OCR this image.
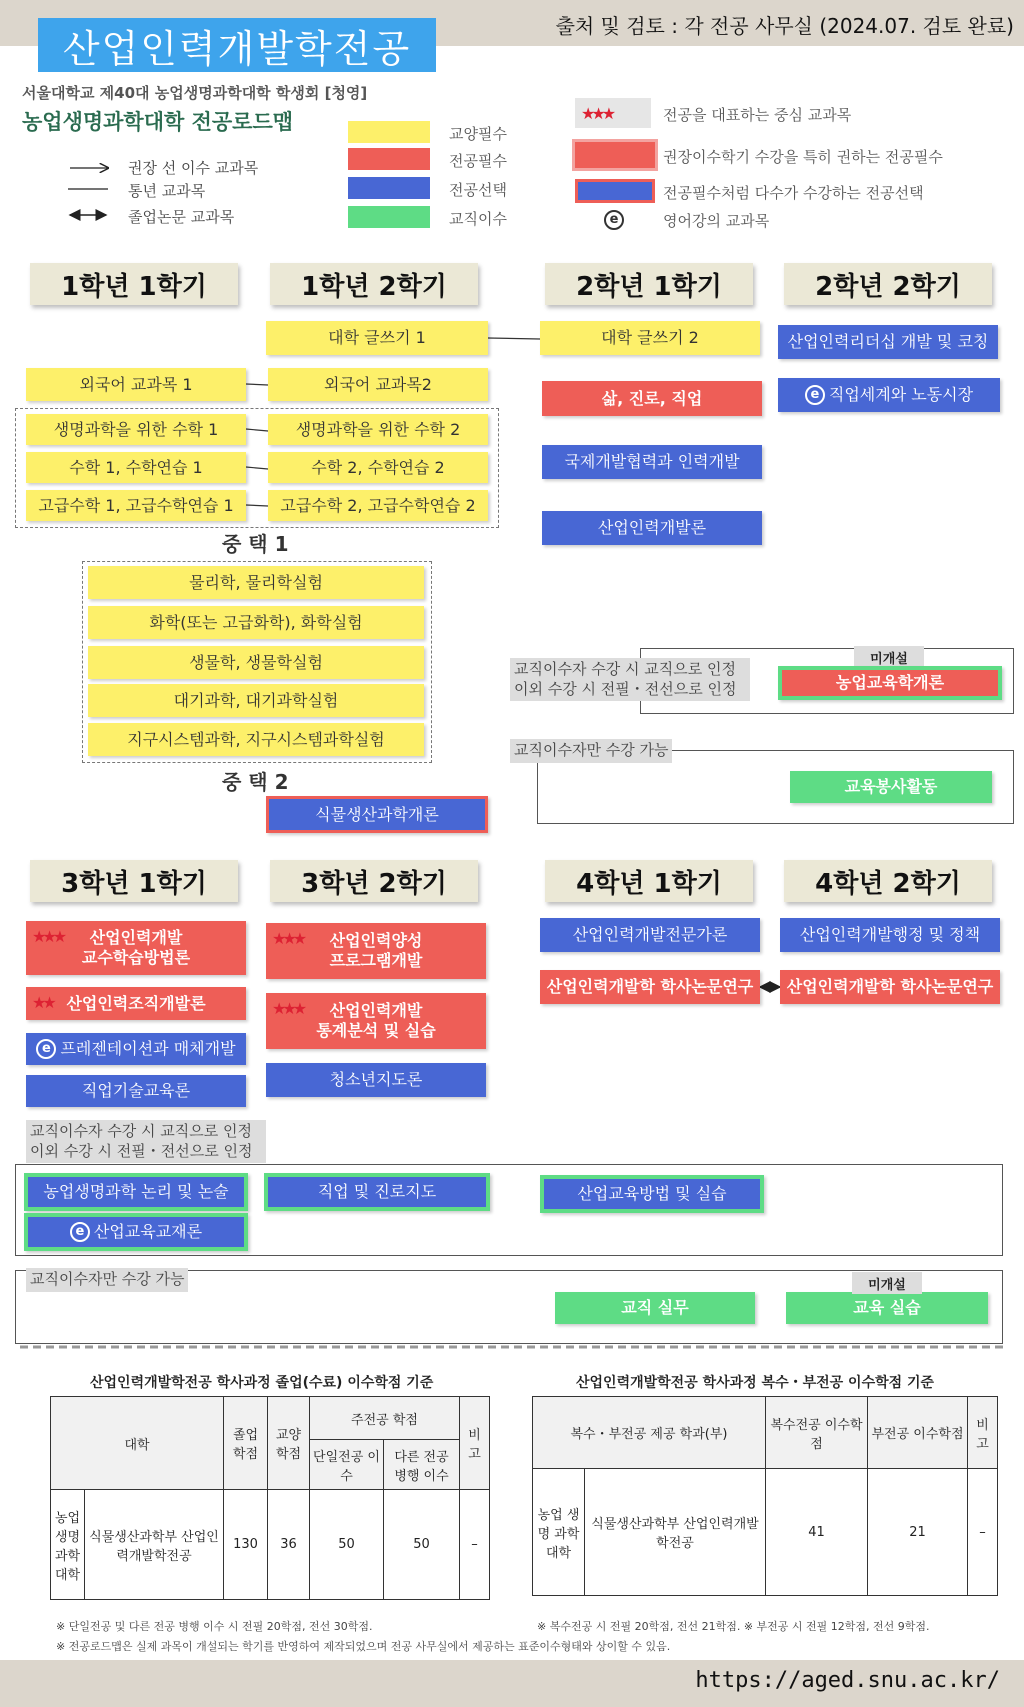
산업인력개발학전공
출처 및 검토 : 각 전공 사무실 (2024.07. 검토 완료)
서울대학교 제40대 농업생명과학대학 학생회 [청영]
농업생명과학대학 전공로드맵
권장 선 이수 교과목
통년 교과목
졸업논문 교과목
교양필수
전공필수
전공선택
교직이수
★★★
e
전공을 대표하는 중심 교과목
권장이수학기 수강을 특히 권하는 전공필수
전공필수처럼 다수가 수강하는 전공선택
영어강의 교과목
1학년 1학기	1학년 2학기	2학년 1학기	2학년 2학기
대학 글쓰기 1	대학 글쓰기 2
외국어 교과목 1	외국어 교과목2
생명과학을 위한 수학 1	생명과학을 위한 수학 2
수학 1, 수학연습 1	수학 2, 수학연습 2
고급수학 1, 고급수학연습 1	고급수학 2, 고급수학연습 2
중 택 1
물리학, 물리학실험
화학(또는 고급화학), 화학실험
생물학, 생물학실험
대기과학, 대기과학실험
지구시스템과학, 지구시스템과학실험
중 택 2
식물생산과학개론
삶, 진로, 직업
국제개발협력과 인력개발
산업인력개발론
산업인력리더십 개발 및 코칭
e 직업세계와 노동시장
교직이수자 수강 시 교직으로 인정
이외 수강 시 전필・전선으로 인정
미개설
농업교육학개론
교직이수자만 수강 가능
교육봉사활동
3학년 1학기	3학년 2학기	4학년 1학기	4학년 2학기
★★★ 산업인력개발
교수학습방법론
★★ 산업인력조직개발론
e 프레젠테이션과 매체개발
직업기술교육론
★★★ 산업인력양성
프로그램개발
★★★ 산업인력개발
통계분석 및 실습
청소년지도론
산업인력개발전문가론	산업인력개발행정 및 정책
산업인력개발학 학사논문연구	산업인력개발학 학사논문연구
교직이수자 수강 시 교직으로 인정
이외 수강 시 전필・전선으로 인정
농업생명과학 논리 및 논술
e 산업교육교재론
직업 및 진로지도	산업교육방법 및 실습
교직이수자만 수강 가능
교직 실무	교육 실습
미개설
산업인력개발학전공 학사과정 졸업(수료) 이수학점 기준
대학		졸업 학점	교양 학점	주전공 학점		비고
				단일전공 이수	다른 전공 병행 이수	
농업 생명 과학 대학	식물생산과학부 산업인력개발학전공	130	36	50	50	–
산업인력개발학전공 학사과정 복수・부전공 이수학점 기준
복수・부전공 제공 학과(부)		복수전공 이수학점	부전공 이수학점	비고
농업 생명 과학 대학	식물생산과학부 산업인력개발학전공	41	21	–
※ 단일전공 및 다른 전공 병행 이수 시 전필 20학점, 전선 30학점.	※ 복수전공 시 전필 20학점, 전선 21학점. ※ 부전공 시 전필 12학점, 전선 9학점.
※ 전공로드맵은 실제 과목이 개설되는 학기를 반영하여 제작되었으며 전공 사무실에서 제공하는 표준이수형태와 상이할 수 있음.
https://aged.snu.ac.kr/
